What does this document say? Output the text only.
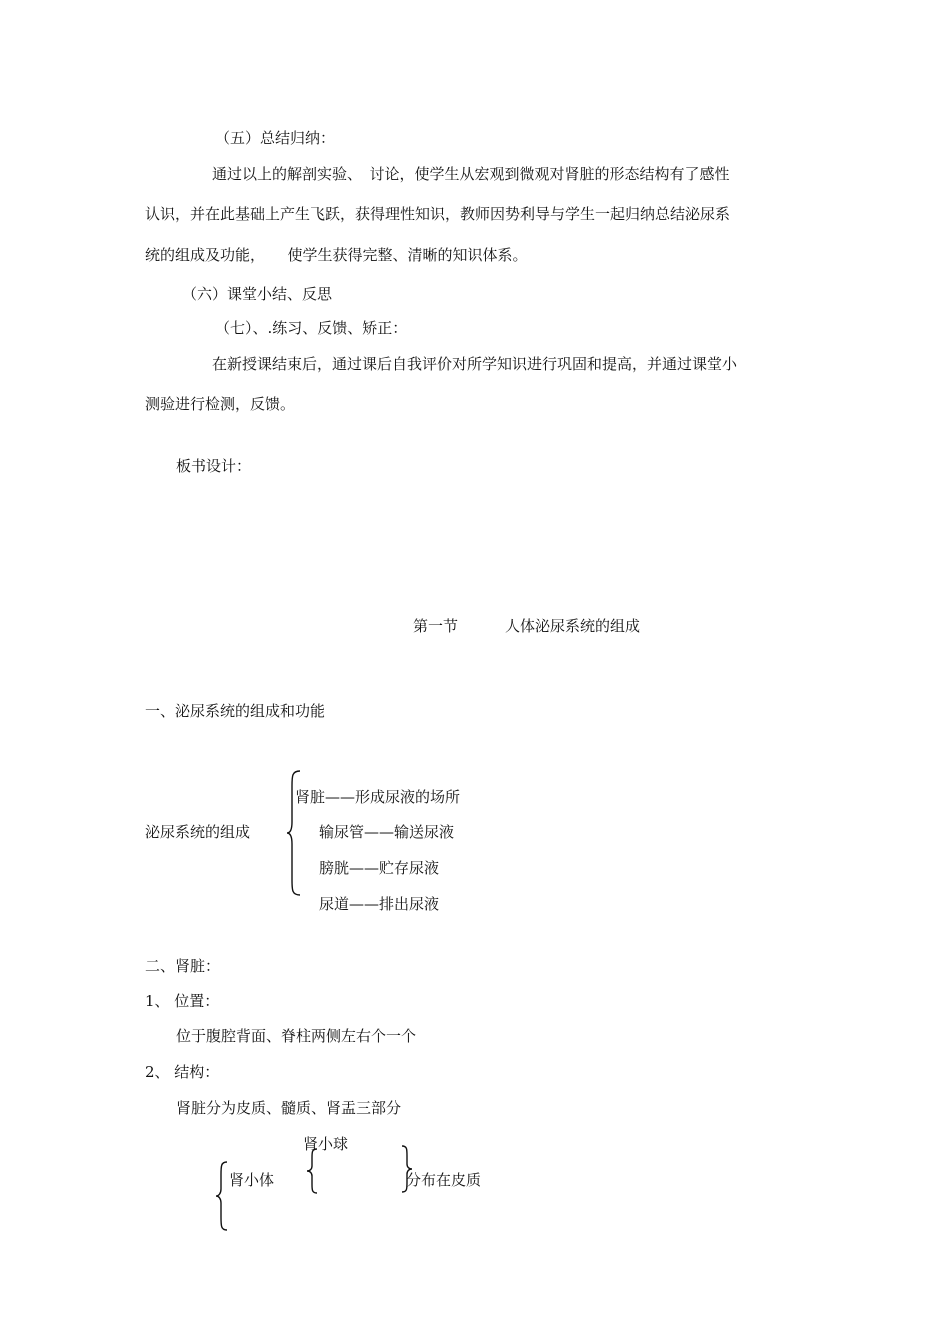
（五）总结归纳：
通过以上的解剖实验、　讨论，使学生从宏观到微观对肾脏的形态结构有了感性
认识，并在此基础上产生飞跃，获得理性知识，教师因势利导与学生一起归纳总结泌尿系
统的组成及功能，　　使学生获得完整、清晰的知识体系。
（六）课堂小结、反思
（七）、.练习、反馈、矫正：
在新授课结束后，通过课后自我评价对所学知识进行巩固和提高，并通过课堂小
测验进行检测，反馈。
板书设计：
第一节	人体泌尿系统的组成
一、泌尿系统的组成和功能
泌尿系统的组成
肾脏——形成尿液的场所
输尿管——输送尿液
膀胱——贮存尿液
尿道——排出尿液
二、肾脏：
1、 位置：
位于腹腔背面、脊柱两侧左右个一个
2、 结构：
肾脏分为皮质、髓质、肾盂三部分
肾小球
肾小体	分布在皮质
